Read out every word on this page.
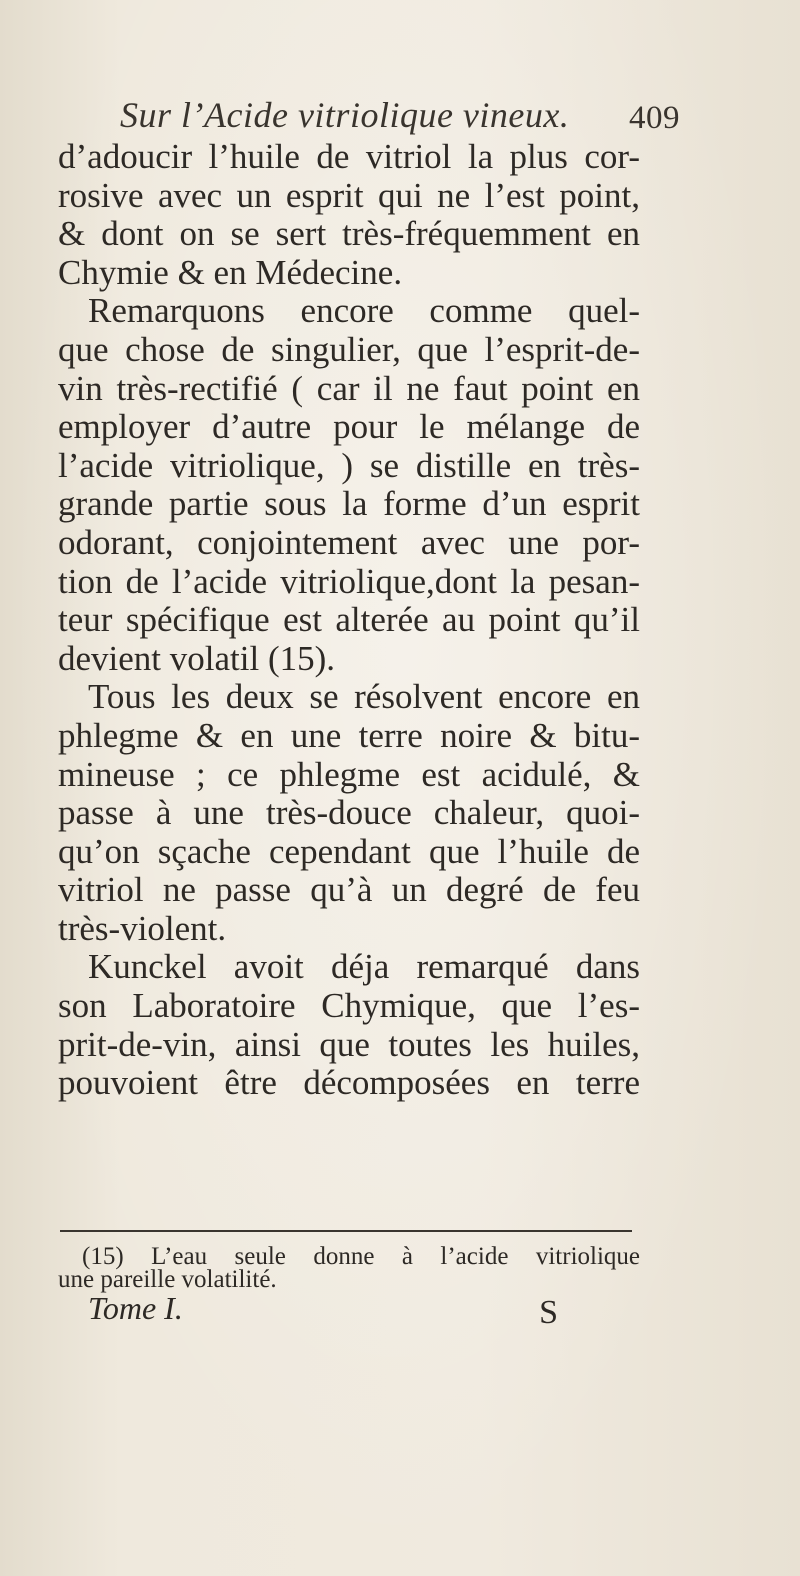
Sur l’Acide vitriolique vineux. 409
d’adoucir l’huile de vitriol la plus cor-
rosive avec un esprit qui ne l’est point,
& dont on se sert très-fréquemment en
Chymie & en Médecine.
Remarquons encore comme quel-
que chose de singulier, que l’esprit-de-
vin très-rectifié ( car il ne faut point en
employer d’autre pour le mélange de
l’acide vitriolique, ) se distille en très-
grande partie sous la forme d’un esprit
odorant, conjointement avec une por-
tion de l’acide vitriolique,dont la pesan-
teur spécifique est alterée au point qu’il
devient volatil (15).
Tous les deux se résolvent encore en
phlegme & en une terre noire & bitu-
mineuse ; ce phlegme est acidulé, &
passe à une très-douce chaleur, quoi-
qu’on sçache cependant que l’huile de
vitriol ne passe qu’à un degré de feu
très-violent.
Kunckel avoit déja remarqué dans
son Laboratoire Chymique, que l’es-
prit-de-vin, ainsi que toutes les huiles,
pouvoient être décomposées en terre
(15) L’eau seule donne à l’acide vitriolique
une pareille volatilité.
Tome I.	S
